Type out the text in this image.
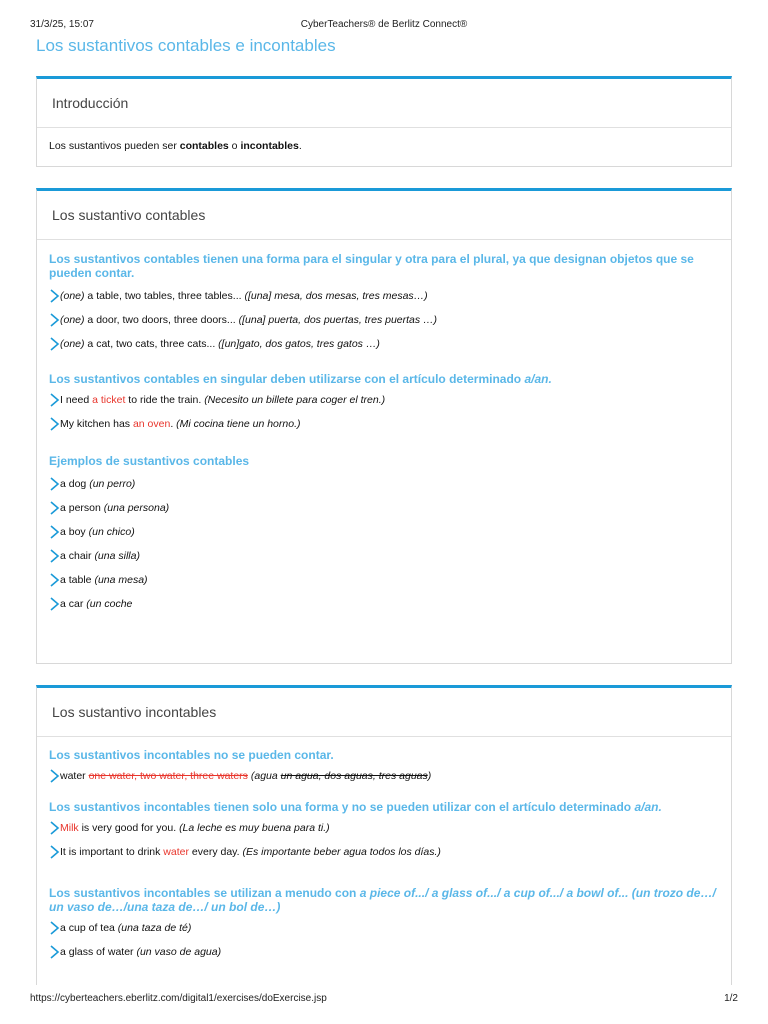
31/3/25, 15:07	CyberTeachers® de Berlitz Connect®
Los sustantivos contables e incontables
Introducción
Los sustantivos pueden ser contables o incontables.
Los sustantivo contables

Los sustantivos contables tienen una forma para el singular y otra para el plural, ya que designan objetos que se pueden contar.

(one) a table, two tables, three tables... ([una] mesa, dos mesas, tres mesas…)
(one) a door, two doors, three doors... ([una] puerta, dos puertas, tres puertas …)
(one) a cat, two cats, three cats... ([un]gato, dos gatos, tres gatos …)

Los sustantivos contables en singular deben utilizarse con el artículo determinado a/an.

I need a ticket to ride the train. (Necesito un billete para coger el tren.)
My kitchen has an oven. (Mi cocina tiene un horno.)

Ejemplos de sustantivos contables

a dog (un perro)
a person (una persona)
a boy (un chico)
a chair (una silla)
a table (una mesa)
a car (un coche
Los sustantivo incontables

Los sustantivos incontables no se pueden contar.

water one water, two water, three waters (agua un agua, dos aguas, tres aguas)

Los sustantivos incontables tienen solo una forma y no se pueden utilizar con el artículo determinado a/an.

Milk is very good for you. (La leche es muy buena para ti.)
It is important to drink water every day. (Es importante beber agua todos los días.)

Los sustantivos incontables se utilizan a menudo con a piece of.../ a glass of.../ a cup of.../ a bowl of... (un trozo de…/ un vaso de…/una taza de…/ un bol de…)

a cup of tea (una taza de té)
a glass of water (un vaso de agua)
https://cyberteachers.eberlitz.com/digital1/exercises/doExercise.jsp	1/2
